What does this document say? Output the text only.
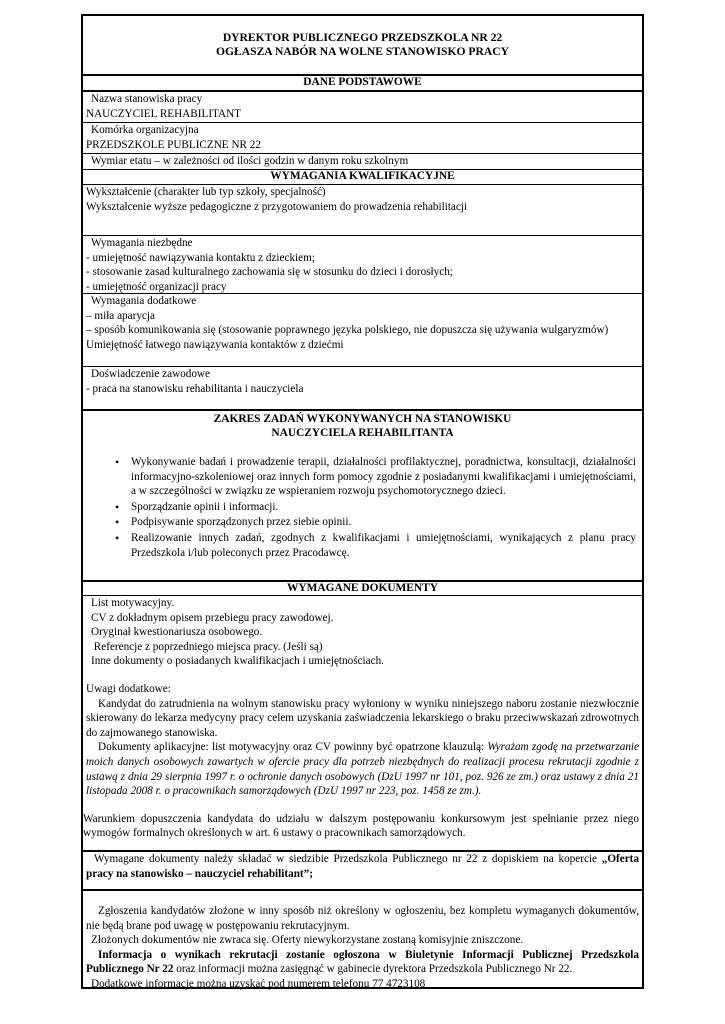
DYREKTOR PUBLICZNEGO PRZEDSZKOLA NR 22
OGŁASZA NABÓR NA WOLNE STANOWISKO PRACY
DANE PODSTAWOWE
Nazwa stanowiska pracy
NAUCZYCIEL REHABILITANT
Komórka organizacyjna
PRZEDSZKOLE PUBLICZNE NR 22
Wymiar etatu – w zależności od ilości godzin w danym roku szkolnym
WYMAGANIA KWALIFIKACYJNE
Wykształcenie (charakter lub typ szkoły, specjalność)
Wykształcenie wyższe pedagogiczne z przygotowaniem do prowadzenia rehabilitacji
Wymagania niezbędne
- umiejętność nawiązywania kontaktu z dzieckiem;
- stosowanie zasad kulturalnego zachowania się w stosunku do dzieci i dorosłych;
- umiejętność organizacji pracy
Wymagania dodatkowe
– miła aparycja
– sposób komunikowania się (stosowanie poprawnego języka polskiego, nie dopuszcza się używania wulgaryzmów)
Umiejętność łatwego nawiązywania kontaktów z dziećmi
Doświadczenie zawodowe
- praca na stanowisku rehabilitanta i nauczyciela
ZAKRES ZADAŃ WYKONYWANYCH NA STANOWISKU
NAUCZYCIELA REHABILITANTA
• Wykonywanie badań i prowadzenie terapii, działalności profilaktycznej, poradnictwa, konsultacji, działalności informacyjno-szkoleniowej oraz innych form pomocy zgodnie z posiadanymi kwalifikacjami i umiejętnościami, a w szczególności w związku ze wspieraniem rozwoju psychomotorycznego dzieci.
• Sporządzanie opinii i informacji.
• Podpisywanie sporządzonych przez siebie opinii.
• Realizowanie innych zadań, zgodnych z kwalifikacjami i umiejętnościami, wynikających z planu pracy Przedszkola i/lub poleconych przez Pracodawcę.
WYMAGANE DOKUMENTY
List motywacyjny.
CV z dokładnym opisem przebiegu pracy zawodowej.
Oryginał kwestionariusza osobowego.
Referencje z poprzedniego miejsca pracy. (Jeśli są)
Inne dokumenty o posiadanych kwalifikacjach i umiejętnościach.
Uwagi dodatkowe:
Kandydat do zatrudnienia na wolnym stanowisku pracy wyłoniony w wyniku niniejszego naboru zostanie niezwłocznie skierowany do lekarza medycyny pracy celem uzyskania zaświadczenia lekarskiego o braku przeciwwskazań zdrowotnych do zajmowanego stanowiska.
Dokumenty aplikacyjne: list motywacyjny oraz CV powinny być opatrzone klauzulą: Wyrażam zgodę na przetwarzanie moich danych osobowych zawartych w ofercie pracy dla potrzeb niezbędnych do realizacji procesu rekrutacji zgodnie z ustawą z dnia 29 sierpnia 1997 r. o ochronie danych osobowych (DzU 1997 nr 101, poz. 926 ze zm.) oraz ustawy z dnia 21 listopada 2008 r. o pracownikach samorządowych (DzU 1997 nr 223, poz. 1458 ze zm.).
Warunkiem dopuszczenia kandydata do udziału w dalszym postępowaniu konkursowym jest spełnianie przez niego wymogów formalnych określonych w art. 6 ustawy o pracownikach samorządowych.
Wymagane dokumenty należy składać w siedzibie Przedszkola Publicznego nr 22 z dopiskiem na kopercie „Oferta pracy na stanowisko – nauczyciel rehabilitant”;
Zgłoszenia kandydatów złożone w inny sposób niż określony w ogłoszeniu, bez kompletu wymaganych dokumentów, nie będą brane pod uwagę w postępowaniu rekrutacyjnym.
Złożonych dokumentów nie zwraca się. Oferty niewykorzystane zostaną komisyjnie zniszczone.
Informacja o wynikach rekrutacji zostanie ogłoszona w Biuletynie Informacji Publicznej Przedszkola Publicznego Nr 22 oraz informacji można zasięgnąć w gabinecie dyrektora Przedszkola Publicznego Nr 22.
Dodatkowe informacje można uzyskać pod numerem telefonu 77 4723108
